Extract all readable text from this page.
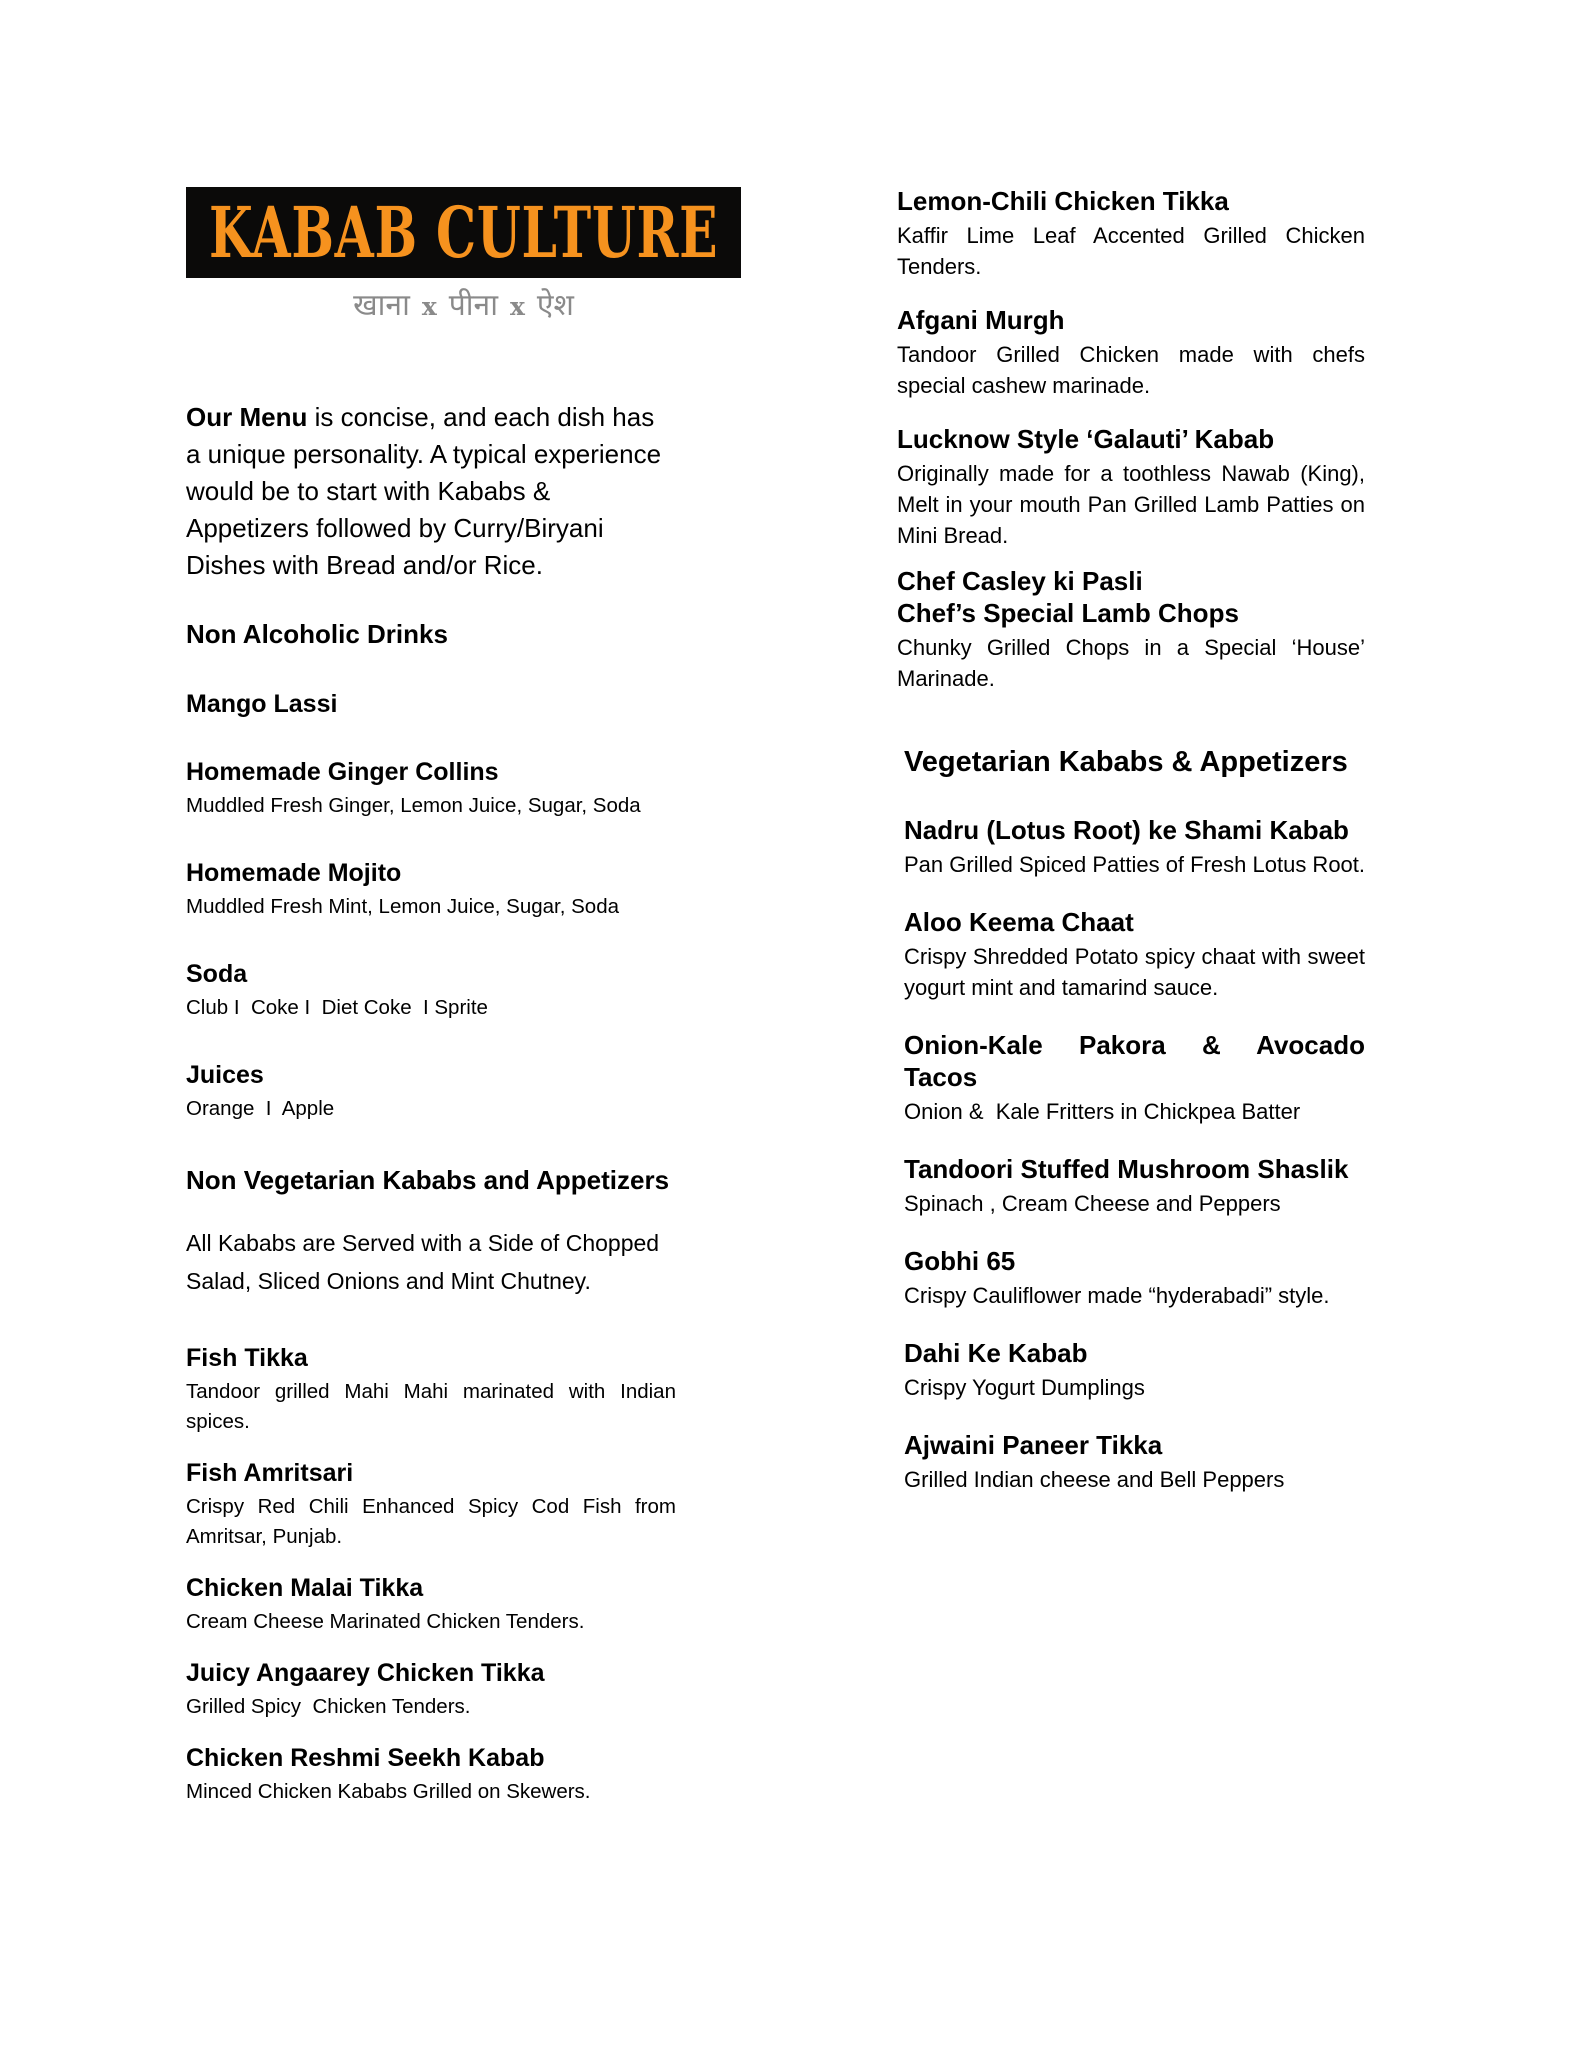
KABAB CULTURE
खाना x पीना x ऐश

Our Menu is concise, and each dish has
a unique personality. A typical experience
would be to start with Kababs &
Appetizers followed by Curry/Biryani
Dishes with Bread and/or Rice.

Non Alcoholic Drinks
Mango Lassi
Homemade Ginger Collins
Muddled Fresh Ginger, Lemon Juice, Sugar, Soda
Homemade Mojito
Muddled Fresh Mint, Lemon Juice, Sugar, Soda
Soda
Club I  Coke I  Diet Coke  I Sprite
Juices
Orange  I  Apple
Non Vegetarian Kababs and Appetizers

All Kababs are Served with a Side of Chopped
Salad, Sliced Onions and Mint Chutney.

Fish Tikka
Tandoor grilled Mahi Mahi marinated with Indian
spices.
Fish Amritsari
Crispy Red Chili Enhanced Spicy Cod Fish from
Amritsar, Punjab.
Chicken Malai Tikka
Cream Cheese Marinated Chicken Tenders.
Juicy Angaarey Chicken Tikka
Grilled Spicy  Chicken Tenders.
Chicken Reshmi Seekh Kabab
Minced Chicken Kababs Grilled on Skewers.
Lemon-Chili Chicken Tikka
Kaffir Lime Leaf Accented Grilled Chicken
Tenders.
Afgani Murgh
Tandoor Grilled Chicken made with chefs
special cashew marinade.
Lucknow Style ‘Galauti’ Kabab
Originally made for a toothless Nawab (King),
Melt in your mouth Pan Grilled Lamb Patties on
Mini Bread.
Chef Casley ki Pasli
Chef’s Special Lamb Chops
Chunky Grilled Chops in a Special ‘House’
Marinade.
Vegetarian Kababs & Appetizers
Nadru (Lotus Root) ke Shami Kabab
Pan Grilled Spiced Patties of Fresh Lotus Root.
Aloo Keema Chaat
Crispy Shredded Potato spicy chaat with sweet
yogurt mint and tamarind sauce.
Onion-Kale Pakora & Avocado
Tacos
Onion &  Kale Fritters in Chickpea Batter
Tandoori Stuffed Mushroom Shaslik
Spinach , Cream Cheese and Peppers
Gobhi 65
Crispy Cauliflower made “hyderabadi” style.
Dahi Ke Kabab
Crispy Yogurt Dumplings
Ajwaini Paneer Tikka
Grilled Indian cheese and Bell Peppers
